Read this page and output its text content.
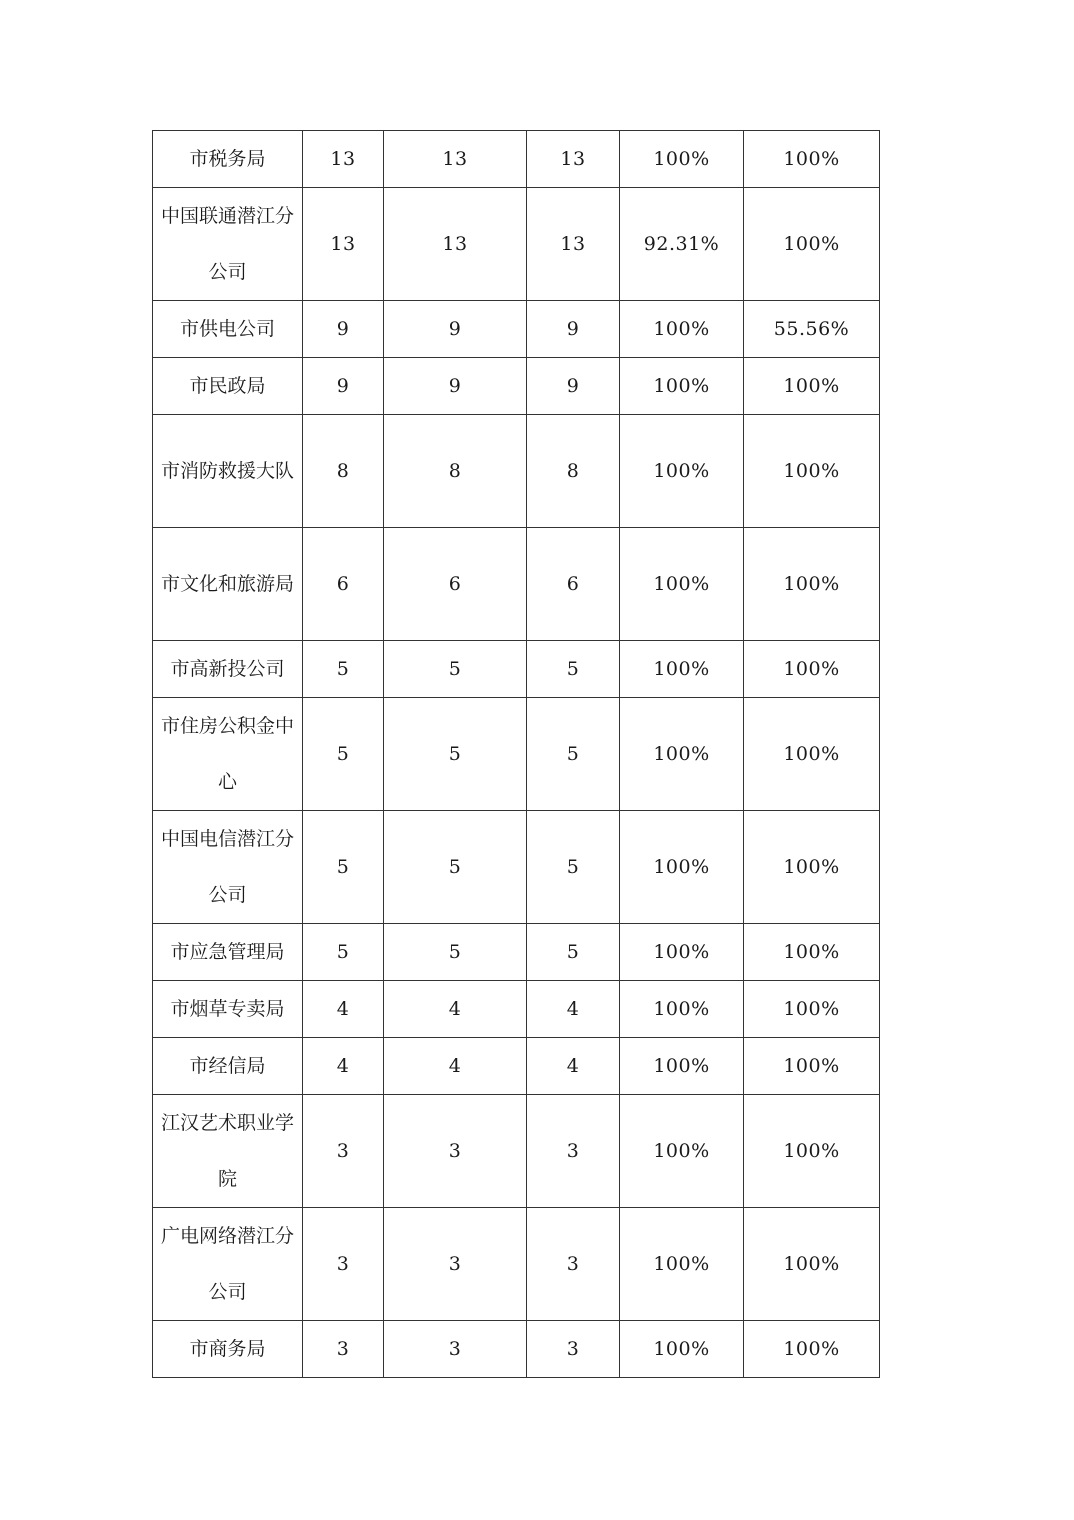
市税务局	13	13	13	100%	100%
中国联通潜江分公司	13	13	13	92.31%	100%
市供电公司	9	9	9	100%	55.56%
市民政局	9	9	9	100%	100%
市消防救援大队	8	8	8	100%	100%
市文化和旅游局	6	6	6	100%	100%
市高新投公司	5	5	5	100%	100%
市住房公积金中心	5	5	5	100%	100%
中国电信潜江分公司	5	5	5	100%	100%
市应急管理局	5	5	5	100%	100%
市烟草专卖局	4	4	4	100%	100%
市经信局	4	4	4	100%	100%
江汉艺术职业学院	3	3	3	100%	100%
广电网络潜江分公司	3	3	3	100%	100%
市商务局	3	3	3	100%	100%
